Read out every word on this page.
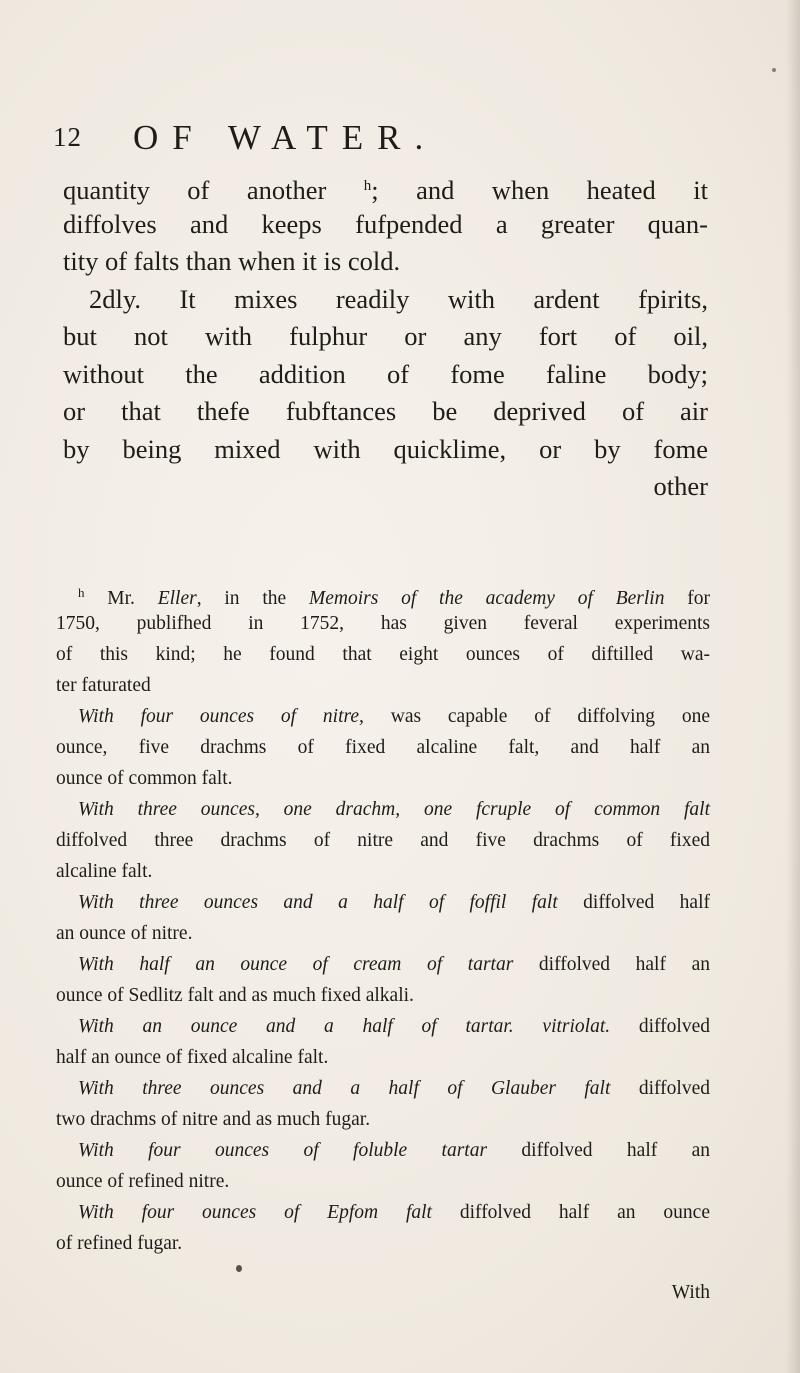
12 OF WATER.
quantity of another $^h$; and when heated it
diffolves and keeps fufpended a greater quan-
tity of falts than when it is cold.
2dly. It mixes readily with ardent fpirits,
but not with fulphur or any fort of oil,
without the addition of fome faline body;
or that thefe fubftances be deprived of air
by being mixed with quicklime, or by fome
other
$^h$ Mr. Eller, in the Memoirs of the academy of Berlin for
1750, publifhed in 1752, has given feveral experiments
of this kind; he found that eight ounces of diftilled wa-
ter faturated
With four ounces of nitre, was capable of diffolving one
ounce, five drachms of fixed alcaline falt, and half an
ounce of common falt.
With three ounces, one drachm, one fcruple of common falt
diffolved three drachms of nitre and five drachms of fixed
alcaline falt.
With three ounces and a half of foffil falt diffolved half
an ounce of nitre.
With half an ounce of cream of tartar diffolved half an
ounce of Sedlitz falt and as much fixed alkali.
With an ounce and a half of tartar. vitriolat. diffolved
half an ounce of fixed alcaline falt.
With three ounces and a half of Glauber falt diffolved
two drachms of nitre and as much fugar.
With four ounces of foluble tartar diffolved half an
ounce of refined nitre.
With four ounces of Epfom falt diffolved half an ounce
of refined fugar.
With
